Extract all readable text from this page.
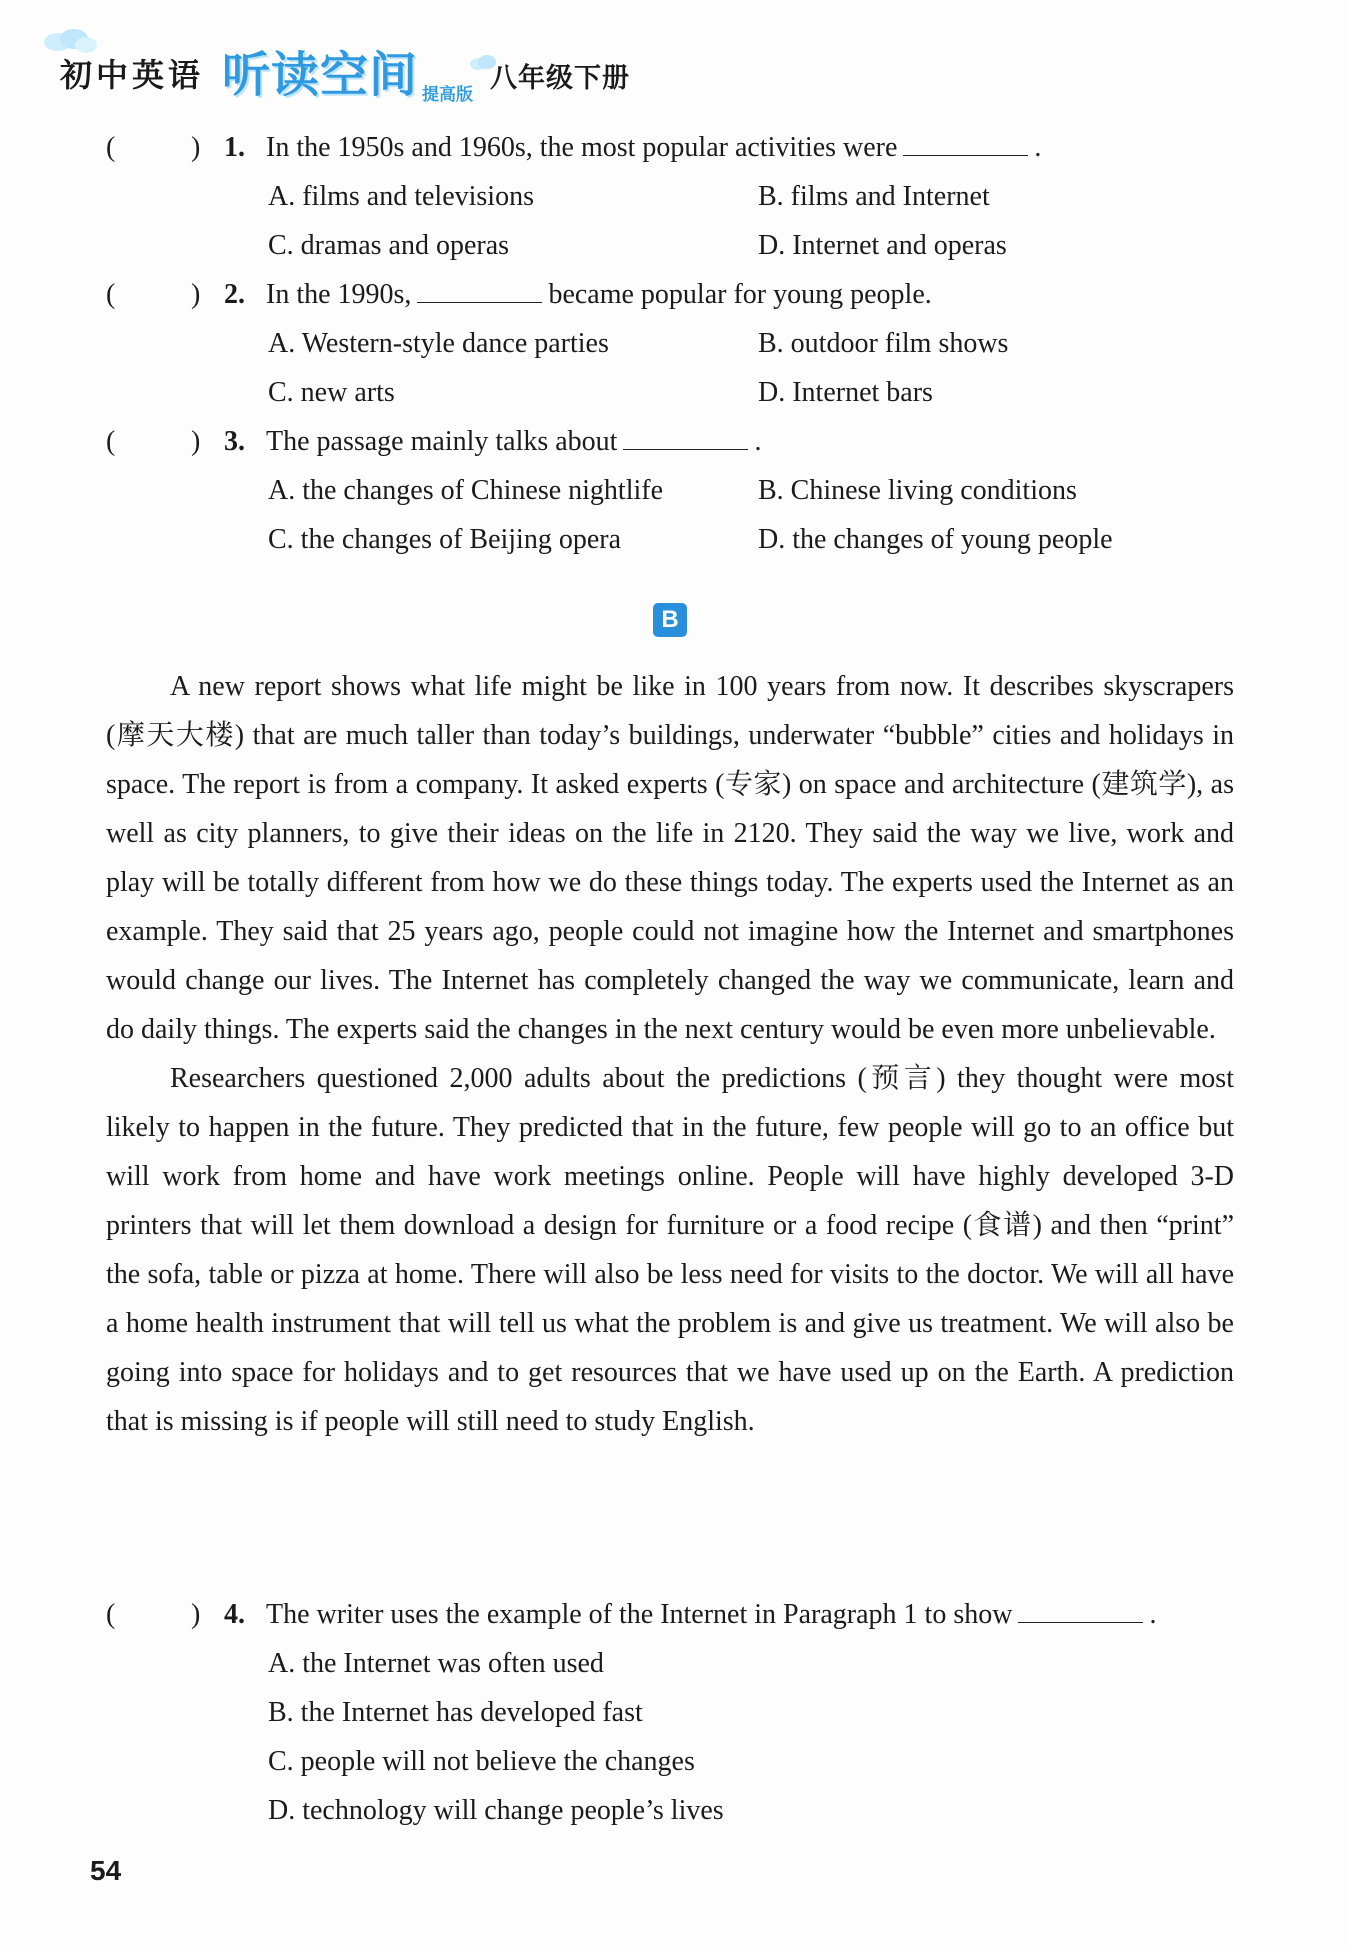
初中英语 听读空间 提高版
八年级下册
(	) 1. In the 1950s and 1960s, the most popular activities were	.
A. films and televisions	B. films and Internet
C. dramas and operas	D. Internet and operas
(	) 2. In the 1990s,	became popular for young people.
A. Western-style dance parties	B. outdoor film shows
C. new arts	D. Internet bars
(	) 3. The passage mainly talks about	.
A. the changes of Chinese nightlife	B. Chinese living conditions
C. the changes of Beijing opera	D. the changes of young people
B

A new report shows what life might be like in 100 years from now. It describes skyscrapers (摩天大楼) that are much taller than today’s buildings, underwater “bubble” cities and holidays in space. The report is from a company. It asked experts (专家) on space and architecture (建筑学), as well as city planners, to give their ideas on the life in 2120. They said the way we live, work and play will be totally different from how we do these things today. The experts used the Internet as an example. They said that 25 years ago, people could not imagine how the Internet and smartphones would change our lives. The Internet has completely changed the way we communicate, learn and do daily things. The experts said the changes in the next century would be even more unbelievable.

Researchers questioned 2,000 adults about the predictions (预言) they thought were most likely to happen in the future. They predicted that in the future, few people will go to an office but will work from home and have work meetings online. People will have highly developed 3-D printers that will let them download a design for furniture or a food recipe (食谱) and then “print” the sofa, table or pizza at home. There will also be less need for visits to the doctor. We will all have a home health instrument that will tell us what the problem is and give us treatment. We will also be going into space for holidays and to get resources that we have used up on the Earth. A prediction that is missing is if people will still need to study English.

(	) 4. The writer uses the example of the Internet in Paragraph 1 to show	.
A. the Internet was often used
B. the Internet has developed fast
C. people will not believe the changes
D. technology will change people’s lives
54
